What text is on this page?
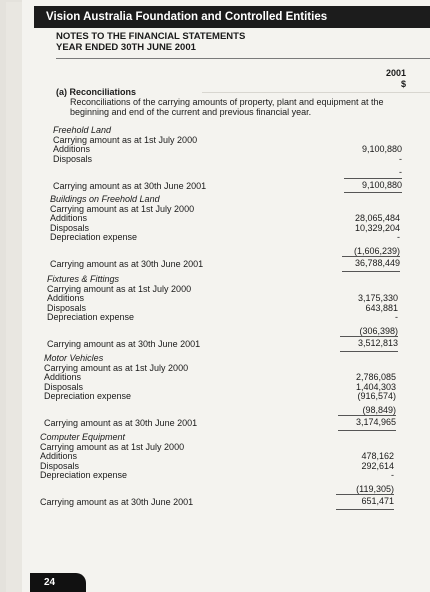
Vision Australia Foundation and Controlled Entities
NOTES TO THE FINANCIAL STATEMENTS
YEAR ENDED 30TH JUNE 2001
2001
$
(a) Reconciliations
Reconciliations of the carrying amounts of property, plant and equipment at the beginning and end of the current and previous financial year.
Freehold Land
Carrying amount as at 1st July 2000
Additions	9,100,880
Disposals	-
-
Carrying amount as at 30th June 2001	9,100,880
Buildings on Freehold Land
Carrying amount as at 1st July 2000
Additions	28,065,484
Disposals	10,329,204
Depreciation expense	-
(1,606,239)
Carrying amount as at 30th June 2001	36,788,449
Fixtures & Fittings
Carrying amount as at 1st July 2000
Additions	3,175,330
Disposals	643,881
Depreciation expense	-
(306,398)
Carrying amount as at 30th June 2001	3,512,813
Motor Vehicles
Carrying amount as at 1st July 2000
Additions	2,786,085
Disposals	1,404,303
Depreciation expense	(916,574)
(98,849)
Carrying amount as at 30th June 2001	3,174,965
Computer Equipment
Carrying amount as at 1st July 2000
Additions	478,162
Disposals	292,614
Depreciation expense	-
(119,305)
Carrying amount as at 30th June 2001	651,471
24
